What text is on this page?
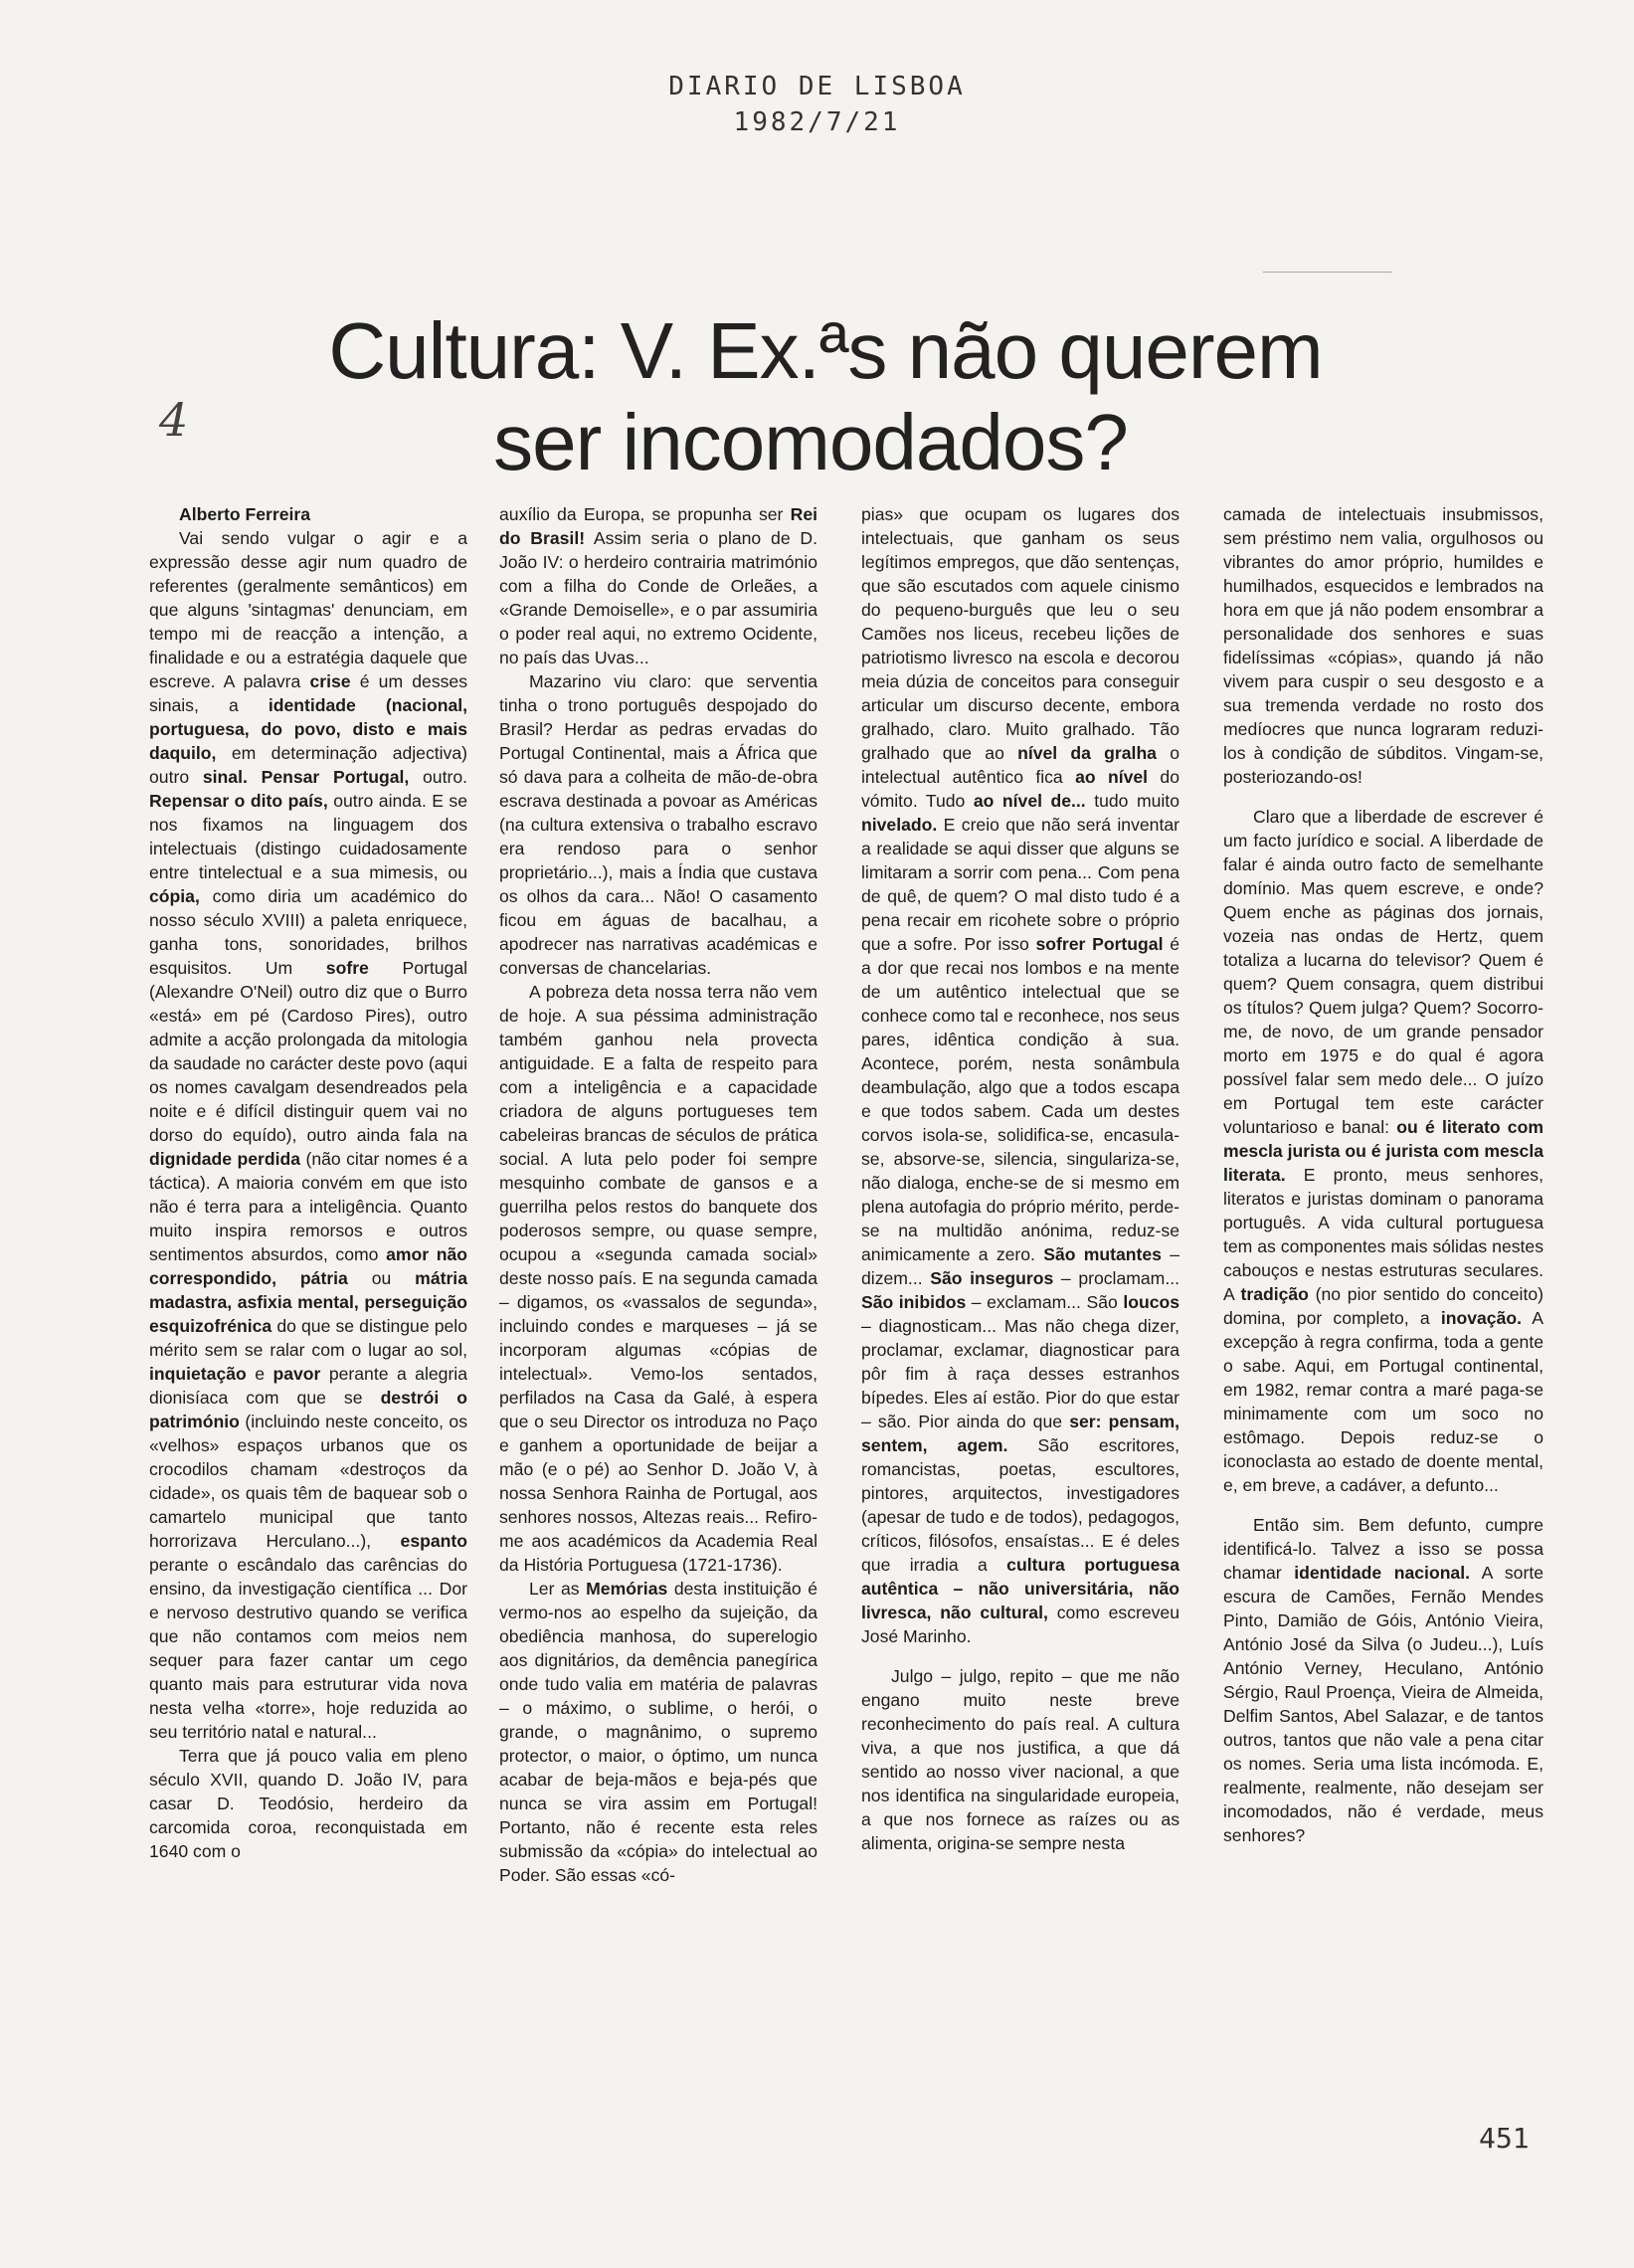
DIARIO DE LISBOA
1982/7/21
4
Cultura: V. Ex.ªs não querem
ser incomodados?

Alberto Ferreira

Vai sendo vulgar o agir e a expressão desse agir num quadro de referentes (geralmente semânticos) em que alguns 'sintagmas' denunciam, em tempo mi de reacção a intenção, a finalidade e ou a estratégia daquele que escreve. A palavra crise é um desses sinais, a identidade (nacional, portuguesa, do povo, disto e mais daquilo, em determinação adjectiva) outro sinal. Pensar Portugal, outro. Repensar o dito país, outro ainda. E se nos fixamos na linguagem dos intelectuais (distingo cuidadosamente entre tintelectual e a sua mimesis, ou cópia, como diria um académico do nosso século XVIII) a paleta enriquece, ganha tons, sonoridades, brilhos esquisitos. Um sofre Portugal (Alexandre O'Neil) outro diz que o Burro «está» em pé (Cardoso Pires), outro admite a acção prolongada da mitologia da saudade no carácter deste povo (aqui os nomes cavalgam desendreados pela noite e é difícil distinguir quem vai no dorso do equído), outro ainda fala na dignidade perdida (não citar nomes é a táctica). A maioria convém em que isto não é terra para a inteligência. Quanto muito inspira remorsos e outros sentimentos absurdos, como amor não correspondido, pátria ou mátria madastra, asfixia mental, perseguição esquizofrénica do que se distingue pelo mérito sem se ralar com o lugar ao sol, inquietação e pavor perante a alegria dionisíaca com que se destrói o património (incluindo neste conceito, os «velhos» espaços urbanos que os crocodilos chamam «destroços da cidade», os quais têm de baquear sob o camartelo municipal que tanto horrorizava Herculano...), espanto perante o escândalo das carências do ensino, da investigação científica ... Dor e nervoso destrutivo quando se verifica que não contamos com meios nem sequer para fazer cantar um cego quanto mais para estruturar vida nova nesta velha «torre», hoje reduzida ao seu território natal e natural...

Terra que já pouco valia em pleno século XVII, quando D. João IV, para casar D. Teodósio, herdeiro da carcomida coroa, reconquistada em 1640 com o

auxílio da Europa, se propunha ser Rei do Brasil! Assim seria o plano de D. João IV: o herdeiro contrairia matrimónio com a filha do Conde de Orleães, a «Grande Demoiselle», e o par assumiria o poder real aqui, no extremo Ocidente, no país das Uvas...

Mazarino viu claro: que serventia tinha o trono português despojado do Brasil? Herdar as pedras ervadas do Portugal Continental, mais a África que só dava para a colheita de mão-de-obra escrava destinada a povoar as Américas (na cultura extensiva o trabalho escravo era rendoso para o senhor proprietário...), mais a Índia que custava os olhos da cara... Não! O casamento ficou em águas de bacalhau, a apodrecer nas narrativas académicas e conversas de chancelarias.

A pobreza deta nossa terra não vem de hoje. A sua péssima administração também ganhou nela provecta antiguidade. E a falta de respeito para com a inteligência e a capacidade criadora de alguns portugueses tem cabeleiras brancas de séculos de prática social. A luta pelo poder foi sempre mesquinho combate de gansos e a guerrilha pelos restos do banquete dos poderosos sempre, ou quase sempre, ocupou a «segunda camada social» deste nosso país. E na segunda camada – digamos, os «vassalos de segunda», incluindo condes e marqueses – já se incorporam algumas «cópias de intelectual». Vemo-los sentados, perfilados na Casa da Galé, à espera que o seu Director os introduza no Paço e ganhem a oportunidade de beijar a mão (e o pé) ao Senhor D. João V, à nossa Senhora Rainha de Portugal, aos senhores nossos, Altezas reais... Refiro-me aos académicos da Academia Real da História Portuguesa (1721-1736).

Ler as Memórias desta instituição é vermo-nos ao espelho da sujeição, da obediência manhosa, do superelogio aos dignitários, da demência panegírica onde tudo valia em matéria de palavras – o máximo, o sublime, o herói, o grande, o magnânimo, o supremo protector, o maior, o óptimo, um nunca acabar de beja-mãos e beja-pés que nunca se vira assim em Portugal! Portanto, não é recente esta reles submissão da «cópia» do intelectual ao Poder. São essas «có-

pias» que ocupam os lugares dos intelectuais, que ganham os seus legítimos empregos, que dão sentenças, que são escutados com aquele cinismo do pequeno-burguês que leu o seu Camões nos liceus, recebeu lições de patriotismo livresco na escola e decorou meia dúzia de conceitos para conseguir articular um discurso decente, embora gralhado, claro. Muito gralhado. Tão gralhado que ao nível da gralha o intelectual autêntico fica ao nível do vómito. Tudo ao nível de... tudo muito nivelado. E creio que não será inventar a realidade se aqui disser que alguns se limitaram a sorrir com pena... Com pena de quê, de quem? O mal disto tudo é a pena recair em ricohete sobre o próprio que a sofre. Por isso sofrer Portugal é a dor que recai nos lombos e na mente de um autêntico intelectual que se conhece como tal e reconhece, nos seus pares, idêntica condição à sua. Acontece, porém, nesta sonâmbula deambulação, algo que a todos escapa e que todos sabem. Cada um destes corvos isola-se, solidifica-se, encasula-se, absorve-se, silencia, singulariza-se, não dialoga, enche-se de si mesmo em plena autofagia do próprio mérito, perde-se na multidão anónima, reduz-se animicamente a zero. São mutantes – dizem... São inseguros – proclamam... São inibidos – exclamam... São loucos – diagnosticam... Mas não chega dizer, proclamar, exclamar, diagnosticar para pôr fim à raça desses estranhos bípedes. Eles aí estão. Pior do que estar – são. Pior ainda do que ser: pensam, sentem, agem. São escritores, romancistas, poetas, escultores, pintores, arquitectos, investigadores (apesar de tudo e de todos), pedagogos, críticos, filósofos, ensaístas... E é deles que irradia a cultura portuguesa autêntica – não universitária, não livresca, não cultural, como escreveu José Marinho.

Julgo – julgo, repito – que me não engano muito neste breve reconhecimento do país real. A cultura viva, a que nos justifica, a que dá sentido ao nosso viver nacional, a que nos identifica na singularidade europeia, a que nos fornece as raízes ou as alimenta, origina-se sempre nesta

camada de intelectuais insubmissos, sem préstimo nem valia, orgulhosos ou vibrantes do amor próprio, humildes e humilhados, esquecidos e lembrados na hora em que já não podem ensombrar a personalidade dos senhores e suas fidelíssimas «cópias», quando já não vivem para cuspir o seu desgosto e a sua tremenda verdade no rosto dos medíocres que nunca lograram reduzi-los à condição de súbditos. Vingam-se, posteriozando-os!

Claro que a liberdade de escrever é um facto jurídico e social. A liberdade de falar é ainda outro facto de semelhante domínio. Mas quem escreve, e onde? Quem enche as páginas dos jornais, vozeia nas ondas de Hertz, quem totaliza a lucarna do televisor? Quem é quem? Quem consagra, quem distribui os títulos? Quem julga? Quem? Socorro-me, de novo, de um grande pensador morto em 1975 e do qual é agora possível falar sem medo dele... O juízo em Portugal tem este carácter voluntarioso e banal: ou é literato com mescla jurista ou é jurista com mescla literata. E pronto, meus senhores, literatos e juristas dominam o panorama português. A vida cultural portuguesa tem as componentes mais sólidas nestes cabouços e nestas estruturas seculares. A tradição (no pior sentido do conceito) domina, por completo, a inovação. A excepção à regra confirma, toda a gente o sabe. Aqui, em Portugal continental, em 1982, remar contra a maré paga-se minimamente com um soco no estômago. Depois reduz-se o iconoclasta ao estado de doente mental, e, em breve, a cadáver, a defunto...

Então sim. Bem defunto, cumpre identificá-lo. Talvez a isso se possa chamar identidade nacional. A sorte escura de Camões, Fernão Mendes Pinto, Damião de Góis, António Vieira, António José da Silva (o Judeu...), Luís António Verney, Heculano, António Sérgio, Raul Proença, Vieira de Almeida, Delfim Santos, Abel Salazar, e de tantos outros, tantos que não vale a pena citar os nomes. Seria uma lista incómoda. E, realmente, realmente, não desejam ser incomodados, não é verdade, meus senhores?

451
